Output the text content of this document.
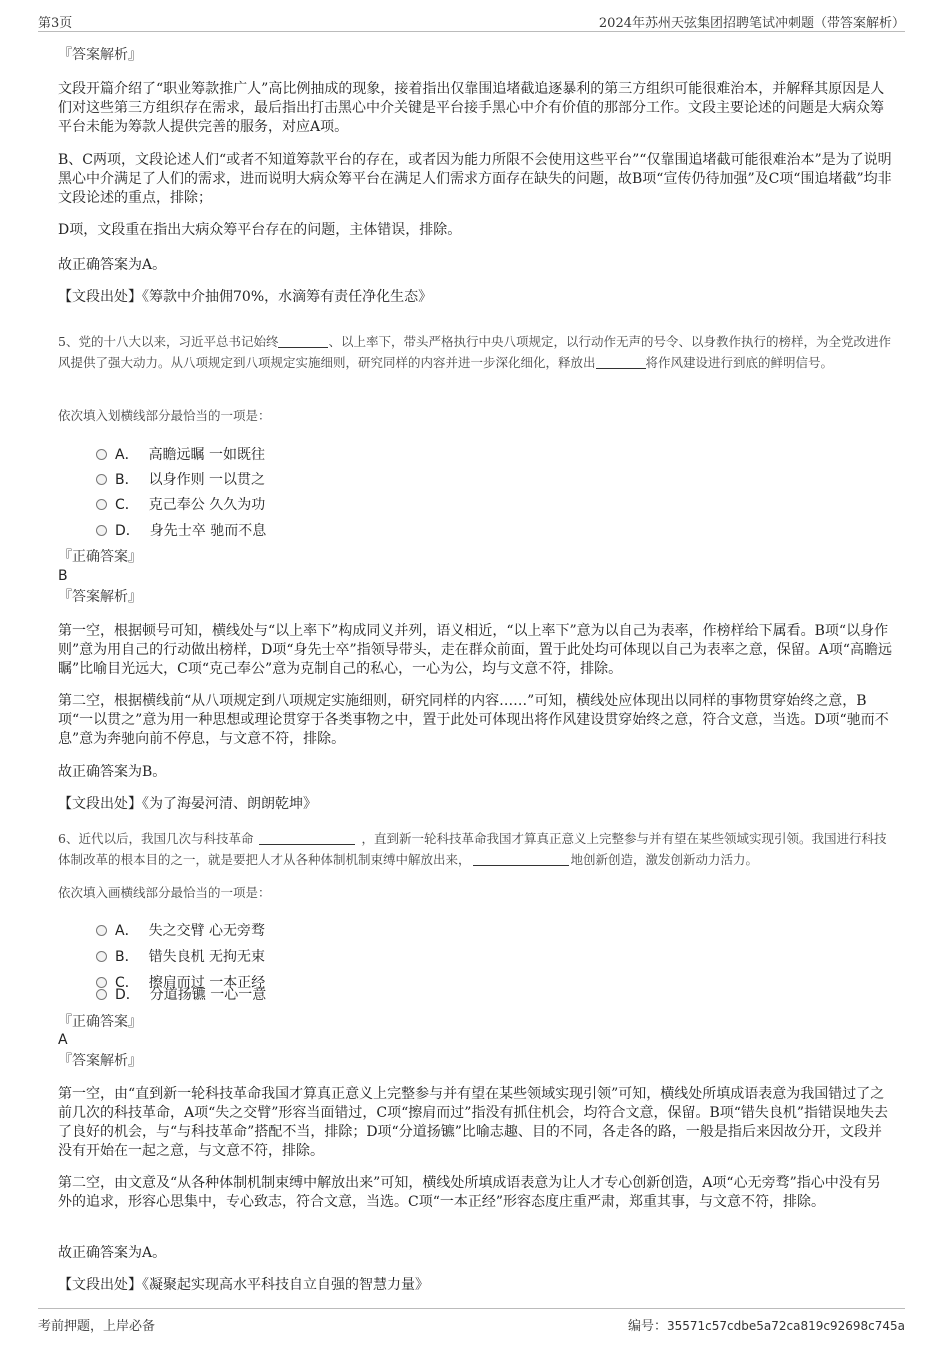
第3页	2024年苏州天弦集团招聘笔试冲刺题（带答案解析）
『答案解析』
文段开篇介绍了“职业筹款推广人”高比例抽成的现象，接着指出仅靠围追堵截追逐暴利的第三方组织可能很难治本，并解释其原因是人们对这些第三方组织存在需求，最后指出打击黑心中介关键是平台接手黑心中介有价值的那部分工作。文段主要论述的问题是大病众筹平台未能为筹款人提供完善的服务，对应A项。
B、C两项，文段论述人们“或者不知道筹款平台的存在，或者因为能力所限不会使用这些平台”“仅靠围追堵截可能很难治本”是为了说明黑心中介满足了人们的需求，进而说明大病众筹平台在满足人们需求方面存在缺失的问题，故B项“宣传仍待加强”及C项“围追堵截”均非文段论述的重点，排除；
D项，文段重在指出大病众筹平台存在的问题，主体错误，排除。
故正确答案为A。
【文段出处】《筹款中介抽佣70%，水滴筹有责任净化生态》
5、党的十八大以来，习近平总书记始终	、以上率下，带头严格执行中央八项规定，以行动作无声的号令、以身教作执行的榜样，为全党改进作风提供了强大动力。从八项规定到八项规定实施细则，研究同样的内容并进一步深化细化，释放出	将作风建设进行到底的鲜明信号。
依次填入划横线部分最恰当的一项是：
A． 高瞻远瞩 一如既往
B． 以身作则 一以贯之
C． 克己奉公 久久为功
D． 身先士卒 驰而不息
『正确答案』
B
『答案解析』
第一空，根据顿号可知，横线处与“以上率下”构成同义并列，语义相近，“以上率下”意为以自己为表率，作榜样给下属看。B项“以身作则”意为用自己的行动做出榜样，D项“身先士卒”指领导带头，走在群众前面，置于此处均可体现以自己为表率之意，保留。A项“高瞻远瞩”比喻目光远大，C项“克己奉公”意为克制自己的私心，一心为公，均与文意不符，排除。
第二空，根据横线前“从八项规定到八项规定实施细则，研究同样的内容……”可知，横线处应体现出以同样的事物贯穿始终之意，B项“一以贯之”意为用一种思想或理论贯穿于各类事物之中，置于此处可体现出将作风建设贯穿始终之意，符合文意，当选。D项“驰而不息”意为奔驰向前不停息，与文意不符，排除。
故正确答案为B。
【文段出处】《为了海晏河清、朗朗乾坤》
6、近代以后，我国几次与科技革命	，直到新一轮科技革命我国才算真正意义上完整参与并有望在某些领域实现引领。我国进行科技体制改革的根本目的之一，就是要把人才从各种体制机制束缚中解放出来，	地创新创造，激发创新动力活力。
依次填入画横线部分最恰当的一项是：
A． 失之交臂 心无旁骛
B． 错失良机 无拘无束
C． 擦肩而过 一本正经
D． 分道扬镳 一心一意
『正确答案』
A
『答案解析』
第一空，由“直到新一轮科技革命我国才算真正意义上完整参与并有望在某些领域实现引领”可知，横线处所填成语表意为我国错过了之前几次的科技革命，A项“失之交臂”形容当面错过，C项“擦肩而过”指没有抓住机会，均符合文意，保留。B项“错失良机”指错误地失去了良好的机会，与“与科技革命”搭配不当，排除；D项“分道扬镳”比喻志趣、目的不同，各走各的路，一般是指后来因故分开，文段并没有开始在一起之意，与文意不符，排除。
第二空，由文意及“从各种体制机制束缚中解放出来”可知，横线处所填成语表意为让人才专心创新创造，A项“心无旁骛”指心中没有另外的追求，形容心思集中，专心致志，符合文意，当选。C项“一本正经”形容态度庄重严肃，郑重其事，与文意不符，排除。
故正确答案为A。
【文段出处】《凝聚起实现高水平科技自立自强的智慧力量》
考前押题，上岸必备	编号：35571c57cdbe5a72ca819c92698c745a
